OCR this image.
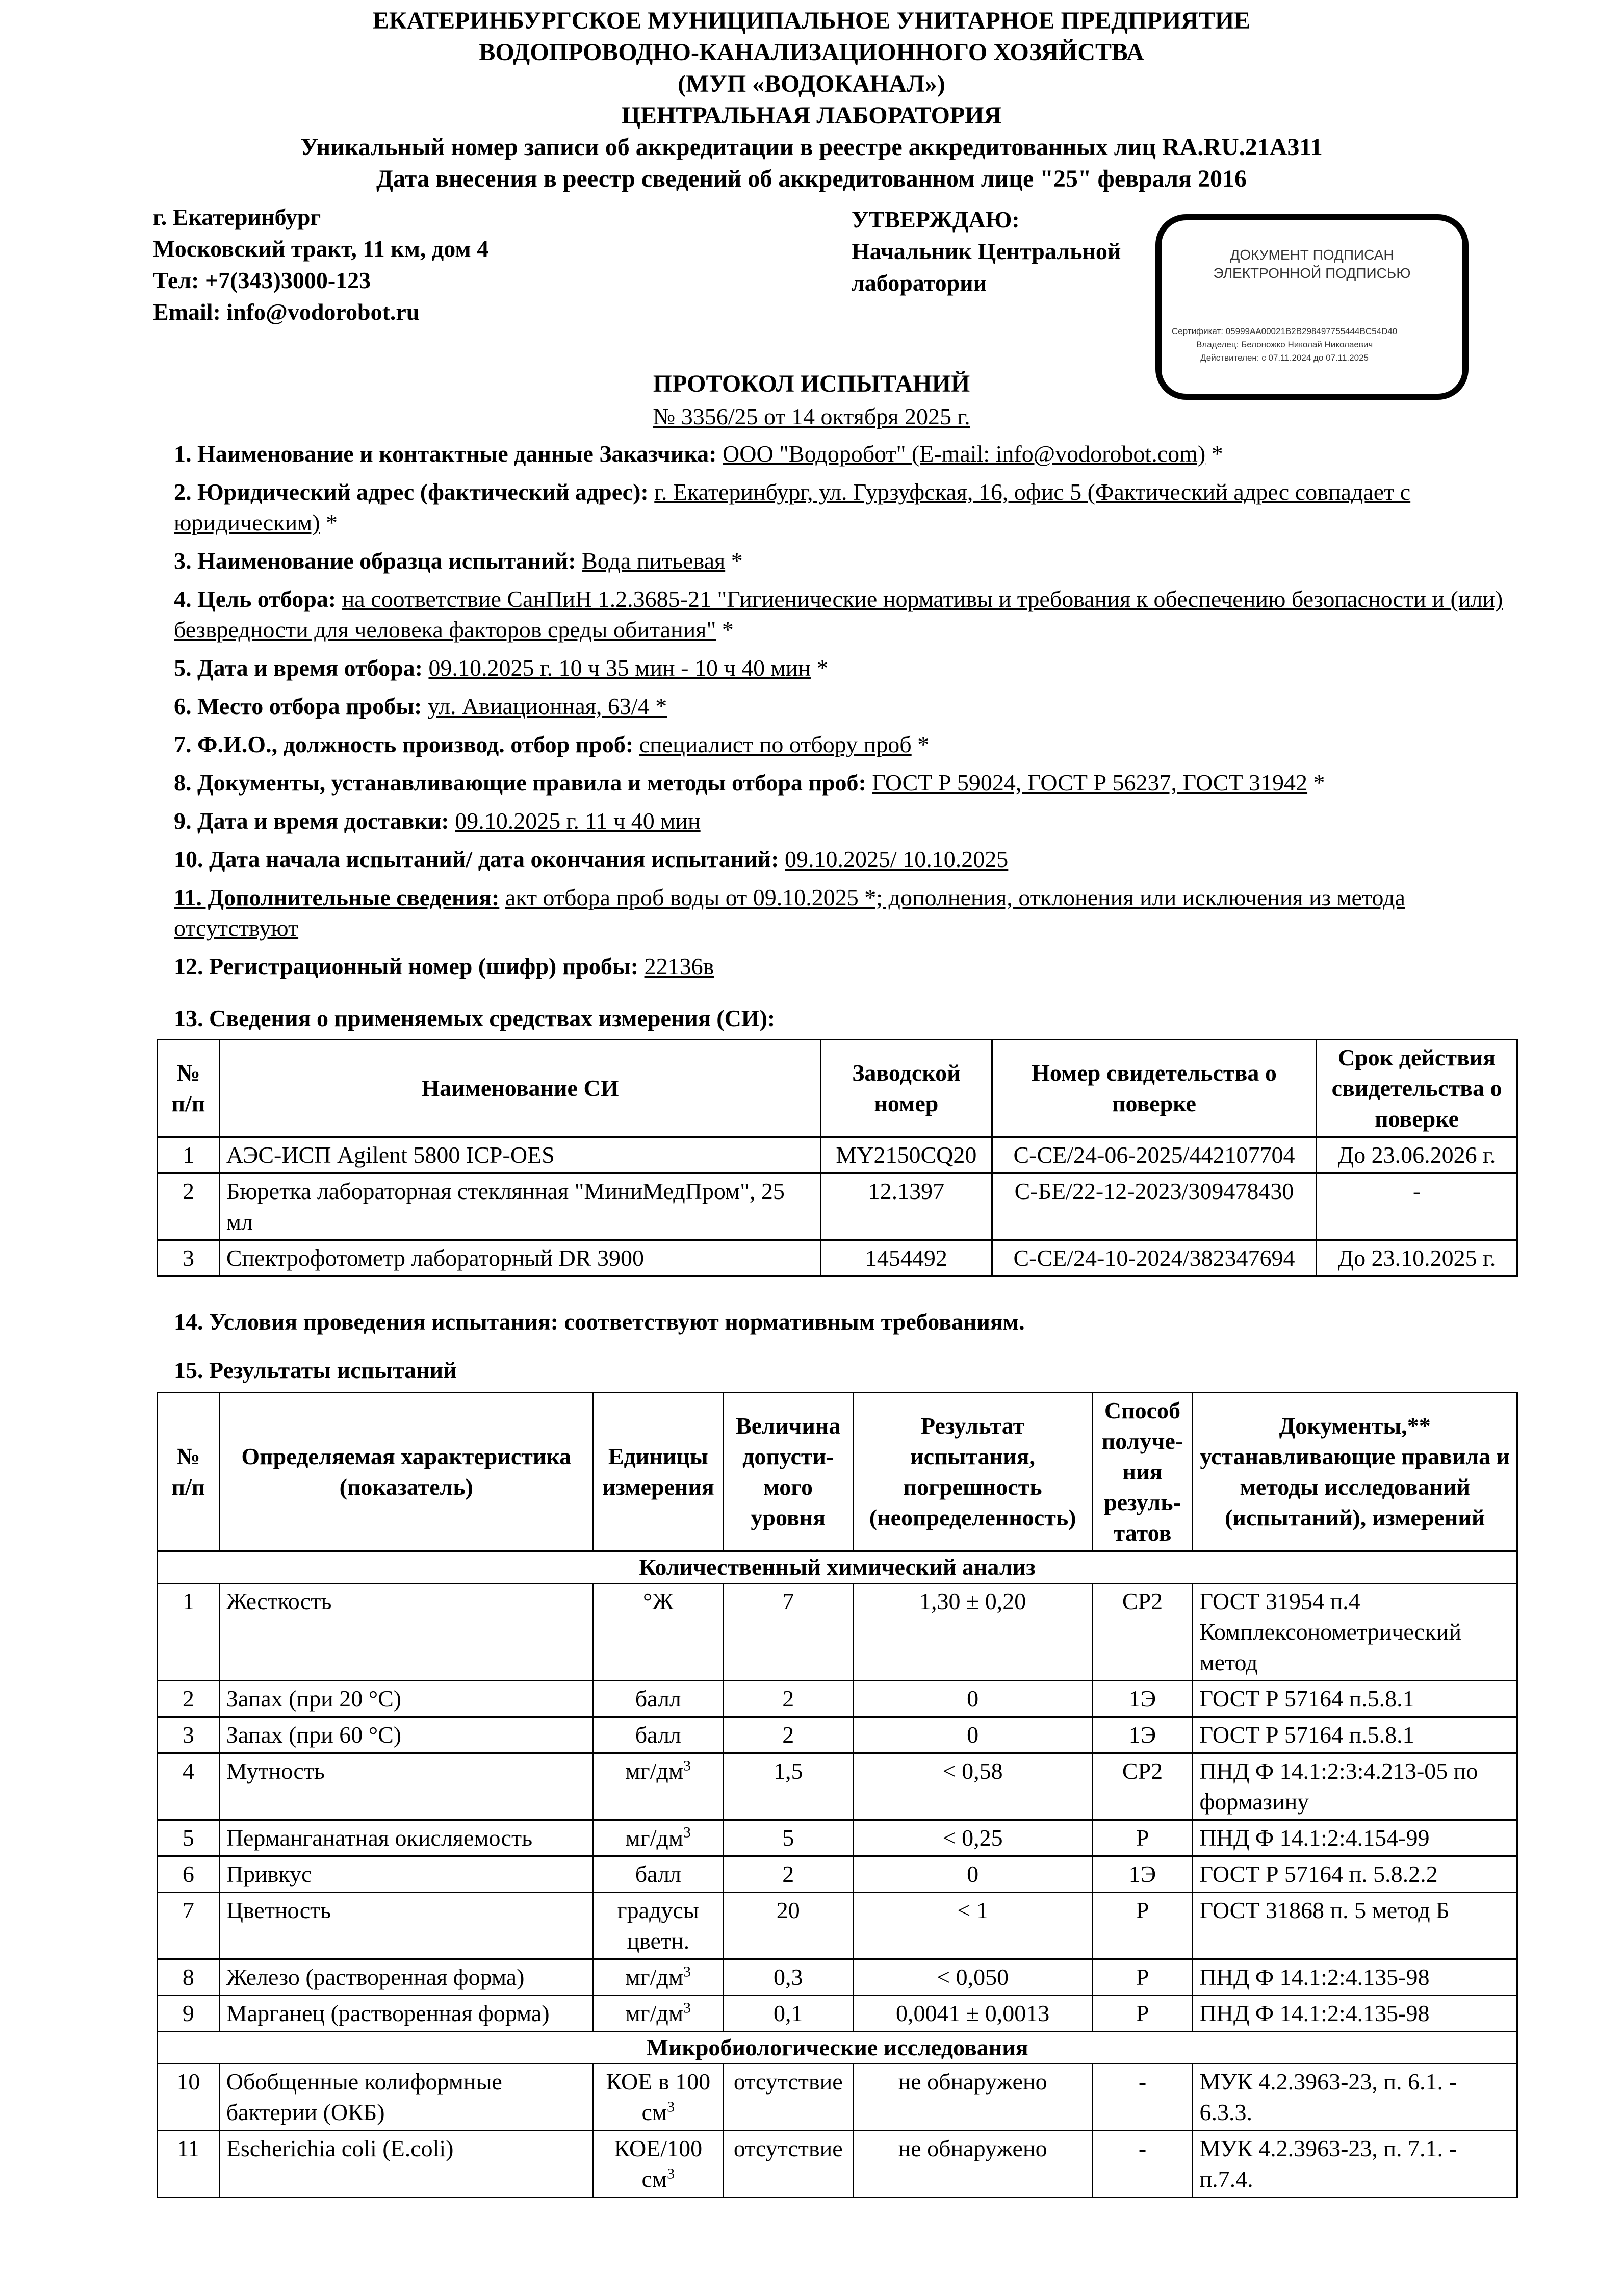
ЕКАТЕРИНБУРГСКОЕ МУНИЦИПАЛЬНОЕ УНИТАРНОЕ ПРЕДПРИЯТИЕ
ВОДОПРОВОДНО-КАНАЛИЗАЦИОННОГО ХОЗЯЙСТВА
(МУП «ВОДОКАНАЛ»)
ЦЕНТРАЛЬНАЯ ЛАБОРАТОРИЯ
Уникальный номер записи об аккредитации в реестре аккредитованных лиц RA.RU.21А311
Дата внесения в реестр сведений об аккредитованном лице "25" февраля 2016
г. Екатеринбург
Московский тракт, 11 км, дом 4
Тел: +7(343)3000-123
Email: info@vodorobot.ru
УТВЕРЖДАЮ:
Начальник Центральной
лаборатории
ДОКУМЕНТ ПОДПИСАН
ЭЛЕКТРОННОЙ ПОДПИСЬЮ
Сертификат: 05999AA00021B2B298497755444BC54D40
Владелец: Белоножко Николай Николаевич
Действителен: с 07.11.2024 до 07.11.2025
ПРОТОКОЛ ИСПЫТАНИЙ
№ 3356/25 от 14 октября 2025 г.
1. Наименование и контактные данные Заказчика: ООО "Водоробот" (E-mail: info@vodorobot.com) *
2. Юридический адрес (фактический адрес): г. Екатеринбург, ул. Гурзуфская, 16, офис 5 (Фактический адрес совпадает с юридическим) *
3. Наименование образца испытаний: Вода питьевая *
4. Цель отбора: на соответствие СанПиН 1.2.3685-21 "Гигиенические нормативы и требования к обеспечению безопасности и (или) безвредности для человека факторов среды обитания" *
5. Дата и время отбора: 09.10.2025 г. 10 ч 35 мин - 10 ч 40 мин *
6. Место отбора пробы: ул. Авиационная, 63/4 *
7. Ф.И.О., должность производ. отбор проб: специалист по отбору проб *
8. Документы, устанавливающие правила и методы отбора проб: ГОСТ Р 59024, ГОСТ Р 56237, ГОСТ 31942 *
9. Дата и время доставки: 09.10.2025 г. 11 ч 40 мин
10. Дата начала испытаний/ дата окончания испытаний: 09.10.2025/ 10.10.2025
11. Дополнительные сведения: акт отбора проб воды от 09.10.2025 *; дополнения, отклонения или исключения из метода отсутствуют
12. Регистрационный номер (шифр) пробы: 22136в
13. Сведения о применяемых средствах измерения (СИ):
№ п/п	Наименование СИ	Заводской номер	Номер свидетельства о поверке	Срок действия свидетельства о поверке
1	АЭС-ИСП Agilent 5800 ICP-OES	MY2150CQ20	С-СЕ/24-06-2025/442107704	До 23.06.2026 г.
2	Бюретка лабораторная стеклянная "МиниМедПром", 25 мл	12.1397	С-БЕ/22-12-2023/309478430	-
3	Спектрофотометр лабораторный DR 3900	1454492	С-СЕ/24-10-2024/382347694	До 23.10.2025 г.
14. Условия проведения испытания: соответствуют нормативным требованиям.
15. Результаты испытаний
№ п/п	Определяемая характеристика (показатель)	Единицы измерения	Величина допусти-мого уровня	Результат испытания, погрешность (неопределенность)	Способ получе-ния резуль-татов	Документы,** устанавливающие правила и методы исследований (испытаний), измерений
Количественный химический анализ						
1	Жесткость	°Ж	7	1,30 ± 0,20	СР2	ГОСТ 31954 п.4 Комплексонометрический метод
2	Запах (при 20 °С)	балл	2	0	1Э	ГОСТ Р 57164 п.5.8.1
3	Запах (при 60 °С)	балл	2	0	1Э	ГОСТ Р 57164 п.5.8.1
4	Мутность	$мг/дм^3$	1,5	< 0,58	СР2	ПНД Ф 14.1:2:3:4.213-05 по формазину
5	Перманганатная окисляемость	$мг/дм^3$	5	< 0,25	Р	ПНД Ф 14.1:2:4.154-99
6	Привкус	балл	2	0	1Э	ГОСТ Р 57164 п. 5.8.2.2
7	Цветность	градусы цветн.	20	< 1	Р	ГОСТ 31868 п. 5 метод Б
8	Железо (растворенная форма)	$мг/дм^3$	0,3	< 0,050	Р	ПНД Ф 14.1:2:4.135-98
9	Марганец (растворенная форма)	$мг/дм^3$	0,1	0,0041 ± 0,0013	Р	ПНД Ф 14.1:2:4.135-98
Микробиологические исследования						
10	Обобщенные колиформные бактерии (ОКБ)	КОЕ в 100 $см^3$	отсутствие	не обнаружено	-	МУК 4.2.3963-23, п. 6.1. - 6.3.3.
11	Escherichia coli (E.coli)	КОЕ/100 $см^3$	отсутствие	не обнаружено	-	МУК 4.2.3963-23, п. 7.1. - п.7.4.
